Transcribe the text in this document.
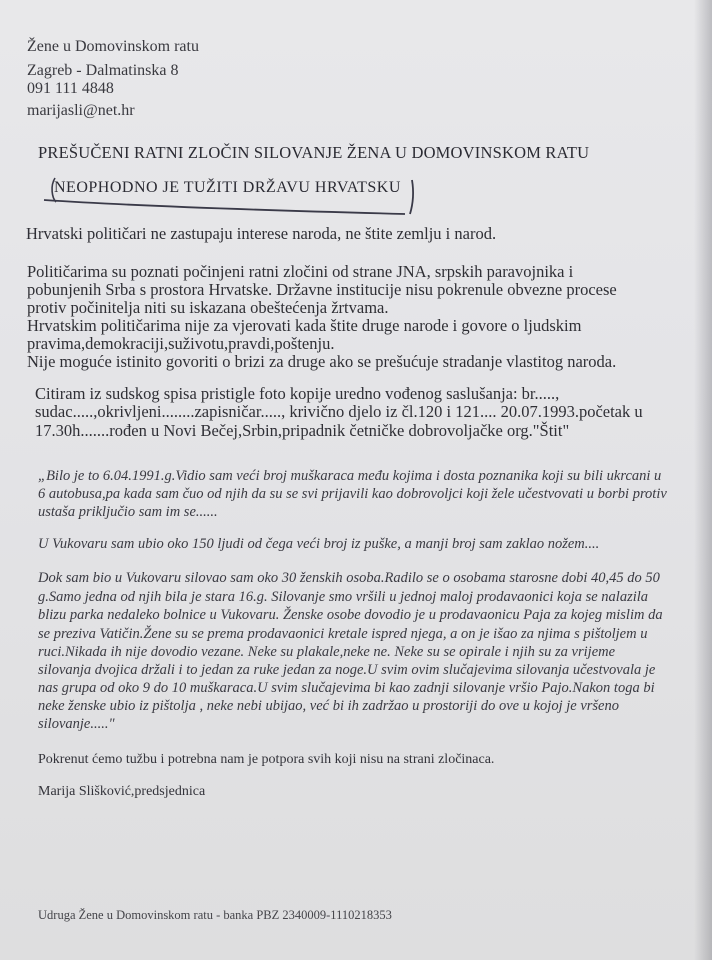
Žene u Domovinskom ratu
Zagreb - Dalmatinska 8
091 111 4848
marijasli@net.hr
PREŠUČENI RATNI ZLOČIN SILOVANJE ŽENA U DOMOVINSKOM RATU
NEOPHODNO JE TUŽITI DRŽAVU HRVATSKU
Hrvatski političari ne zastupaju interese naroda, ne štite zemlju i narod.
Političarima su poznati počinjeni ratni zločini od strane JNA, srpskih paravojnika i
pobunjenih Srba s prostora Hrvatske. Državne institucije nisu pokrenule obvezne procese
protiv počinitelja niti su iskazana obeštećenja žrtvama.
Hrvatskim političarima nije za vjerovati kada štite druge narode i govore o ljudskim
pravima,demokraciji,suživotu,pravdi,poštenju.
Nije moguće istinito govoriti o brizi za druge ako se prešućuje stradanje vlastitog naroda.
Citiram iz sudskog spisa pristigle foto kopije uredno vođenog saslušanja: br.....,
sudac.....,okrivljeni........zapisničar....., krivično djelo iz čl.120 i 121.... 20.07.1993.početak u
17.30h.......rođen u Novi Bečej,Srbin,pripadnik četničke dobrovoljačke org."Štit"
„Bilo je to 6.04.1991.g.Vidio sam veći broj muškaraca među kojima i dosta poznanika koji su bili ukrcani u
6 autobusa,pa kada sam čuo od njih da su se svi prijavili kao dobrovoljci koji žele učestvovati u borbi protiv
ustaša priključio sam im se......
U Vukovaru sam ubio oko 150 ljudi od čega veći broj iz puške, a manji broj sam zaklao nožem....
Dok sam bio u Vukovaru silovao sam oko 30 ženskih osoba.Radilo se o osobama starosne dobi 40,45 do 50
g.Samo jedna od njih bila je stara 16.g. Silovanje smo vršili u jednoj maloj prodavaonici koja se nalazila
blizu parka nedaleko bolnice u Vukovaru. Ženske osobe dovodio je u prodavaonicu Paja za kojeg mislim da
se preziva Vatičin.Žene su se prema prodavaonici kretale ispred njega, a on je išao za njima s pištoljem u
ruci.Nikada ih nije dovodio vezane. Neke su plakale,neke ne. Neke su se opirale i njih su za vrijeme
silovanja dvojica držali i to jedan za ruke jedan za noge.U svim ovim slučajevima silovanja učestvovala je
nas grupa od oko 9 do 10 muškaraca.U svim slučajevima bi kao zadnji silovanje vršio Pajo.Nakon toga bi
neke ženske ubio iz pištolja , neke nebi ubijao, već bi ih zadržao u prostoriji do ove u kojoj je vršeno
silovanje....."
Pokrenut ćemo tužbu i potrebna nam je potpora svih koji nisu na strani zločinaca.
Marija Slišković,predsjednica
Udruga Žene u Domovinskom ratu - banka PBZ 2340009-1110218353
